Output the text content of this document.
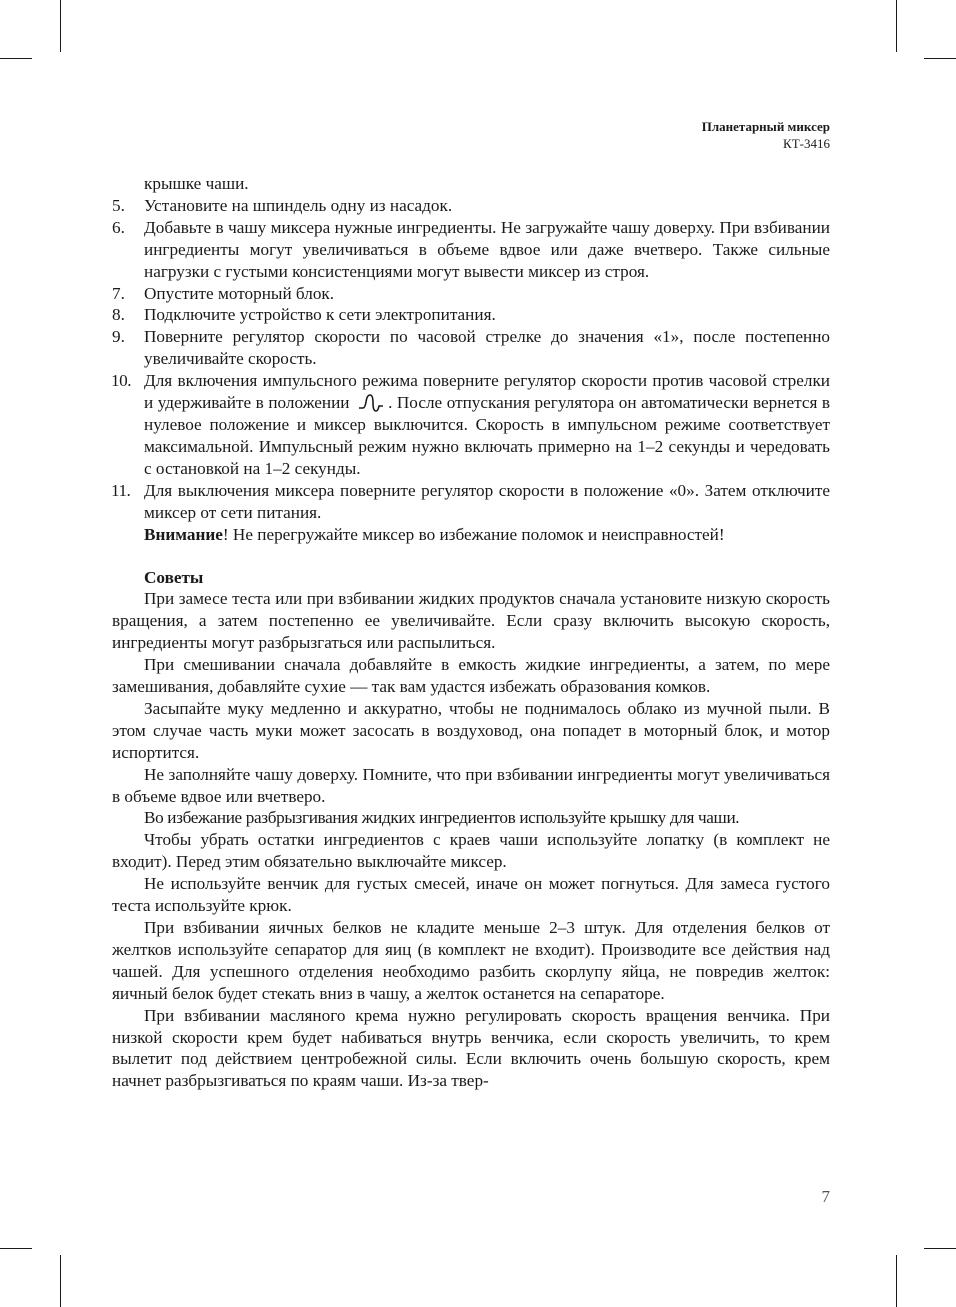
Планетарный миксер
КТ-3416
крышке чаши.
5. Установите на шпиндель одну из насадок.
6. Добавьте в чашу миксера нужные ингредиенты. Не загружайте чашу доверху. При взбивании ингредиенты могут увеличиваться в объеме вдвое или даже вчетверо. Также сильные нагрузки с густыми консистенциями могут вывести миксер из строя.
7. Опустите моторный блок.
8. Подключите устройство к сети электропитания.
9. Поверните регулятор скорости по часовой стрелке до значения «1», после постепенно увеличивайте скорость.
10. Для включения импульсного режима поверните регулятор скорости против часовой стрелки и удерживайте в положении . После отпускания регулятора он автоматически вернется в нулевое положение и миксер выключится. Скорость в импульсном режиме соответствует максимальной. Импульсный режим нужно включать примерно на 1–2 секунды и чередовать с остановкой на 1–2 секунды.
11. Для выключения миксера поверните регулятор скорости в положение «0». Затем отключите миксер от сети питания.
Внимание! Не перегружайте миксер во избежание поломок и неисправностей!
Советы

При замесе теста или при взбивании жидких продуктов сначала установите низкую скорость вращения, а затем постепенно ее увеличивайте. Если сразу включить высокую скорость, ингредиенты могут разбрызгаться или распылиться.

При смешивании сначала добавляйте в емкость жидкие ингредиенты, а затем, по мере замешивания, добавляйте сухие — так вам удастся избежать образования комков.

Засыпайте муку медленно и аккуратно, чтобы не поднималось облако из мучной пыли. В этом случае часть муки может засосать в воздуховод, она попадет в моторный блок, и мотор испортится.

Не заполняйте чашу доверху. Помните, что при взбивании ингредиенты могут увеличиваться в объеме вдвое или вчетверо.

Во избежание разбрызгивания жидких ингредиентов используйте крышку для чаши.

Чтобы убрать остатки ингредиентов с краев чаши используйте лопатку (в комплект не входит). Перед этим обязательно выключайте миксер.

Не используйте венчик для густых смесей, иначе он может погнуться. Для замеса густого теста используйте крюк.

При взбивании яичных белков не кладите меньше 2–3 штук. Для отделения белков от желтков используйте сепаратор для яиц (в комплект не входит). Производите все действия над чашей. Для успешного отделения необходимо разбить скорлупу яйца, не повредив желток: яичный белок будет стекать вниз в чашу, а желток останется на сепараторе.

При взбивании масляного крема нужно регулировать скорость вращения венчика. При низкой скорости крем будет набиваться внутрь венчика, если скорость увеличить, то крем вылетит под действием центробежной силы. Если включить очень большую скорость, крем начнет разбрызгиваться по краям чаши. Из-за твер-

7
